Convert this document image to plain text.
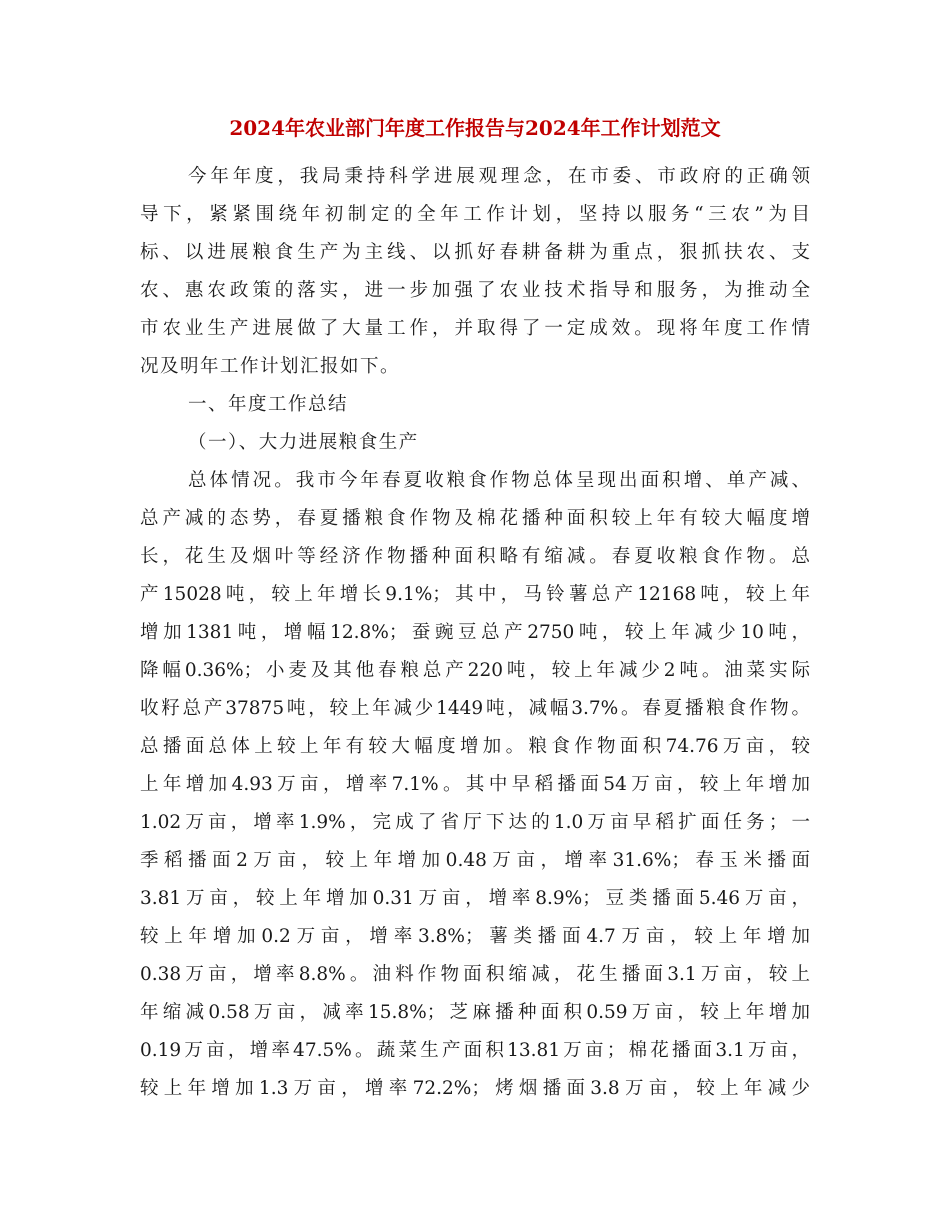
2024年农业部门年度工作报告与2024年工作计划范文
今年年度，我局秉持科学进展观理念，在市委、市政府的正确领
导下，紧紧围绕年初制定的全年工作计划，坚持以服务“三农”为目
标、以进展粮食生产为主线、以抓好春耕备耕为重点，狠抓扶农、支
农、惠农政策的落实，进一步加强了农业技术指导和服务，为推动全
市农业生产进展做了大量工作，并取得了一定成效。现将年度工作情
况及明年工作计划汇报如下。
一、年度工作总结
（一）、大力进展粮食生产
总体情况。我市今年春夏收粮食作物总体呈现出面积增、单产减、
总产减的态势，春夏播粮食作物及棉花播种面积较上年有较大幅度增
长，花生及烟叶等经济作物播种面积略有缩减。春夏收粮食作物。总
产15028吨，较上年增长9.1%；其中，马铃薯总产12168吨，较上年
增加1381吨，增幅12.8%；蚕豌豆总产2750吨，较上年减少10吨，
降幅0.36%；小麦及其他春粮总产220吨，较上年减少2吨。油菜实际
收籽总产37875吨，较上年减少1449吨，减幅3.7%。春夏播粮食作物。
总播面总体上较上年有较大幅度增加。粮食作物面积74.76万亩，较
上年增加4.93万亩，增率7.1%。其中早稻播面54万亩，较上年增加
1.02万亩，增率1.9%，完成了省厅下达的1.0万亩早稻扩面任务；一
季稻播面2万亩，较上年增加0.48万亩，增率31.6%；春玉米播面
3.81万亩，较上年增加0.31万亩，增率8.9%；豆类播面5.46万亩，
较上年增加0.2万亩，增率3.8%；薯类播面4.7万亩，较上年增加
0.38万亩，增率8.8%。油料作物面积缩减，花生播面3.1万亩，较上
年缩减0.58万亩，减率15.8%；芝麻播种面积0.59万亩，较上年增加
0.19万亩，增率47.5%。蔬菜生产面积13.81万亩；棉花播面3.1万亩，
较上年增加1.3万亩，增率72.2%；烤烟播面3.8万亩，较上年减少
